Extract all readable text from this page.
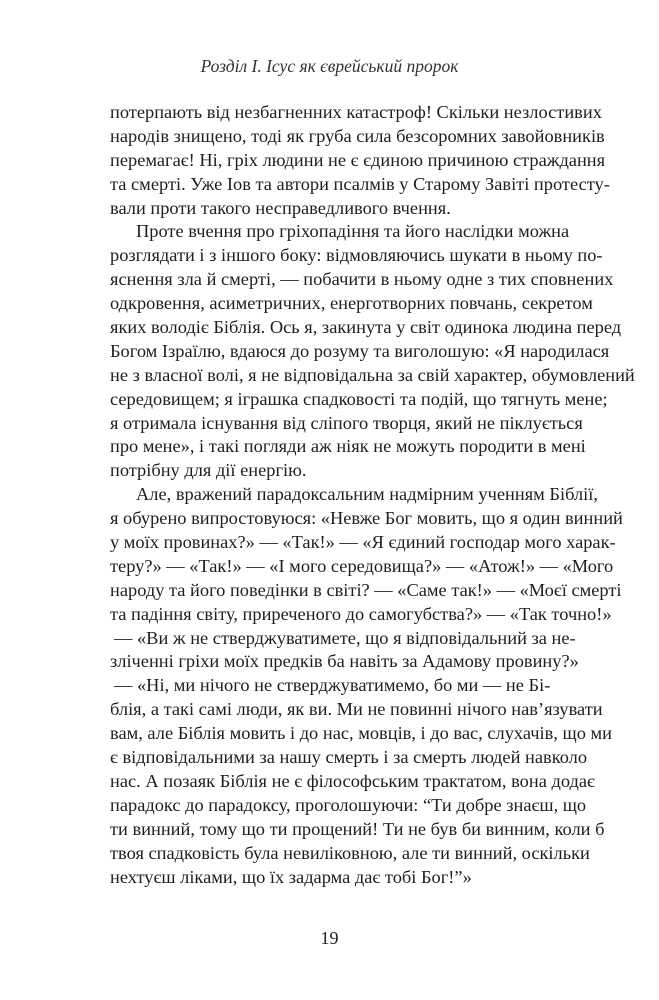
Розділ I. Ісус як єврейський пророк
потерпають від незбагненних катастроф! Скільки незлостивих
народів знищено, тоді як груба сила безсоромних завойовників
перемагає! Ні, гріх людини не є єдиною причиною страждання
та смерті. Уже Іов та автори псалмів у Старому Завіті протесту-
вали проти такого несправедливого вчення.
Проте вчення про гріхопадіння та його наслідки можна
розглядати і з іншого боку: відмовляючись шукати в ньому по-
яснення зла й смерті, — побачити в ньому одне з тих сповнених
одкровення, асиметричних, енерготворних повчань, секретом
яких володіє Біблія. Ось я, закинута у світ одинока людина перед
Богом Ізраїлю, вдаюся до розуму та виголошую: «Я народилася
не з власної волі, я не відповідальна за свій характер, обумовлений
середовищем; я іграшка спадковості та подій, що тягнуть мене;
я отримала існування від сліпого творця, який не піклується
про мене», і такі погляди аж ніяк не можуть породити в мені
потрібну для дії енергію.
Але, вражений парадоксальним надмірним ученням Біблії,
я обурено випростовуюся: «Невже Бог мовить, що я один винний
у моїх провинах?» — «Так!» — «Я єдиний господар мого харак-
теру?» — «Так!» — «І мого середовища?» — «Атож!» — «Мого
народу та його поведінки в світі? — «Саме так!» — «Моєї смерті
та падіння світу, приреченого до самогубства?» — «Так точно!»
— «Ви ж не стверджуватимете, що я відповідальний за не-
зліченні гріхи моїх предків ба навіть за Адамову провину?»
— «Ні, ми нічого не стверджуватимемо, бо ми — не Бі-
блія, а такі самі люди, як ви. Ми не повинні нічого нав’язувати
вам, але Біблія мовить і до нас, мовців, і до вас, слухачів, що ми
є відповідальними за нашу смерть і за смерть людей навколо
нас. А позаяк Біблія не є філософським трактатом, вона додає
парадокс до парадоксу, проголошуючи: “Ти добре знаєш, що
ти винний, тому що ти прощений! Ти не був би винним, коли б
твоя спадковість була невиліковною, але ти винний, оскільки
нехтуєш ліками, що їх задарма дає тобі Бог!”»
19
